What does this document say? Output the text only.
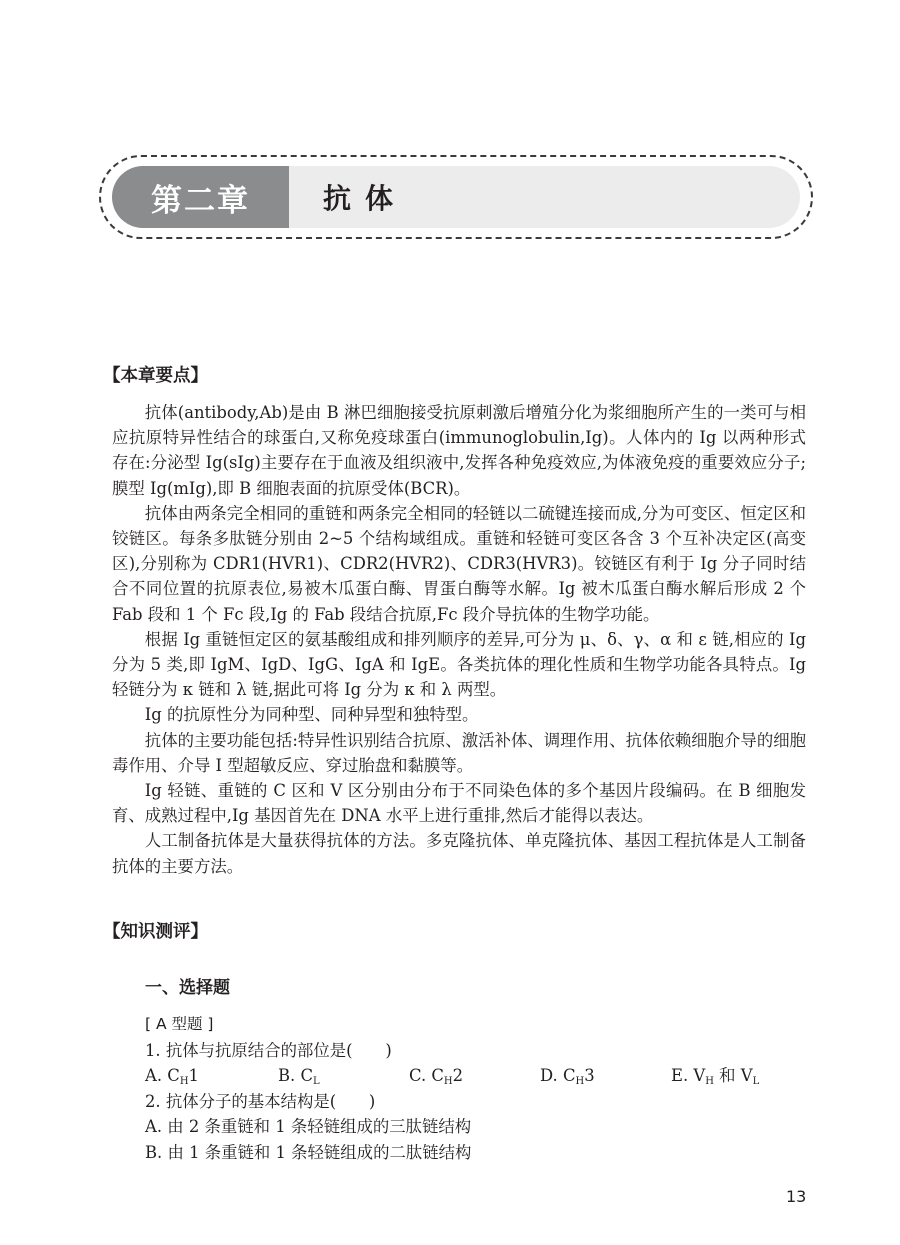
第二章	抗体
【本章要点】

抗体(antibody,Ab)是由 B 淋巴细胞接受抗原刺激后增殖分化为浆细胞所产生的一类可与相应抗原特异性结合的球蛋白,又称免疫球蛋白(immunoglobulin,Ig)。人体内的 Ig 以两种形式存在:分泌型 Ig(sIg)主要存在于血液及组织液中,发挥各种免疫效应,为体液免疫的重要效应分子;膜型 Ig(mIg),即 B 细胞表面的抗原受体(BCR)。

抗体由两条完全相同的重链和两条完全相同的轻链以二硫键连接而成,分为可变区、恒定区和铰链区。每条多肽链分别由 2~5 个结构域组成。重链和轻链可变区各含 3 个互补决定区(高变区),分别称为 CDR1(HVR1)、CDR2(HVR2)、CDR3(HVR3)。铰链区有利于 Ig 分子同时结合不同位置的抗原表位,易被木瓜蛋白酶、胃蛋白酶等水解。Ig 被木瓜蛋白酶水解后形成 2 个 Fab 段和 1 个 Fc 段,Ig 的 Fab 段结合抗原,Fc 段介导抗体的生物学功能。

根据 Ig 重链恒定区的氨基酸组成和排列顺序的差异,可分为 μ、δ、γ、α 和 ε 链,相应的 Ig 分为 5 类,即 IgM、IgD、IgG、IgA 和 IgE。各类抗体的理化性质和生物学功能各具特点。Ig 轻链分为 κ 链和 λ 链,据此可将 Ig 分为 κ 和 λ 两型。

Ig 的抗原性分为同种型、同种异型和独特型。

抗体的主要功能包括:特异性识别结合抗原、激活补体、调理作用、抗体依赖细胞介导的细胞毒作用、介导 I 型超敏反应、穿过胎盘和黏膜等。

Ig 轻链、重链的 C 区和 V 区分别由分布于不同染色体的多个基因片段编码。在 B 细胞发育、成熟过程中,Ig 基因首先在 DNA 水平上进行重排,然后才能得以表达。

人工制备抗体是大量获得抗体的方法。多克隆抗体、单克隆抗体、基因工程抗体是人工制备抗体的主要方法。

【知识测评】
一、选择题
[ A 型题 ]
1. 抗体与抗原结合的部位是(　　)
A. $C_H1$	B. $C_L$	C. $C_H2$	D. $C_H3$	E. $V_H$ 和 $V_L$
2. 抗体分子的基本结构是(　　)
A. 由 2 条重链和 1 条轻链组成的三肽链结构
B. 由 1 条重链和 1 条轻链组成的二肽链结构
13
